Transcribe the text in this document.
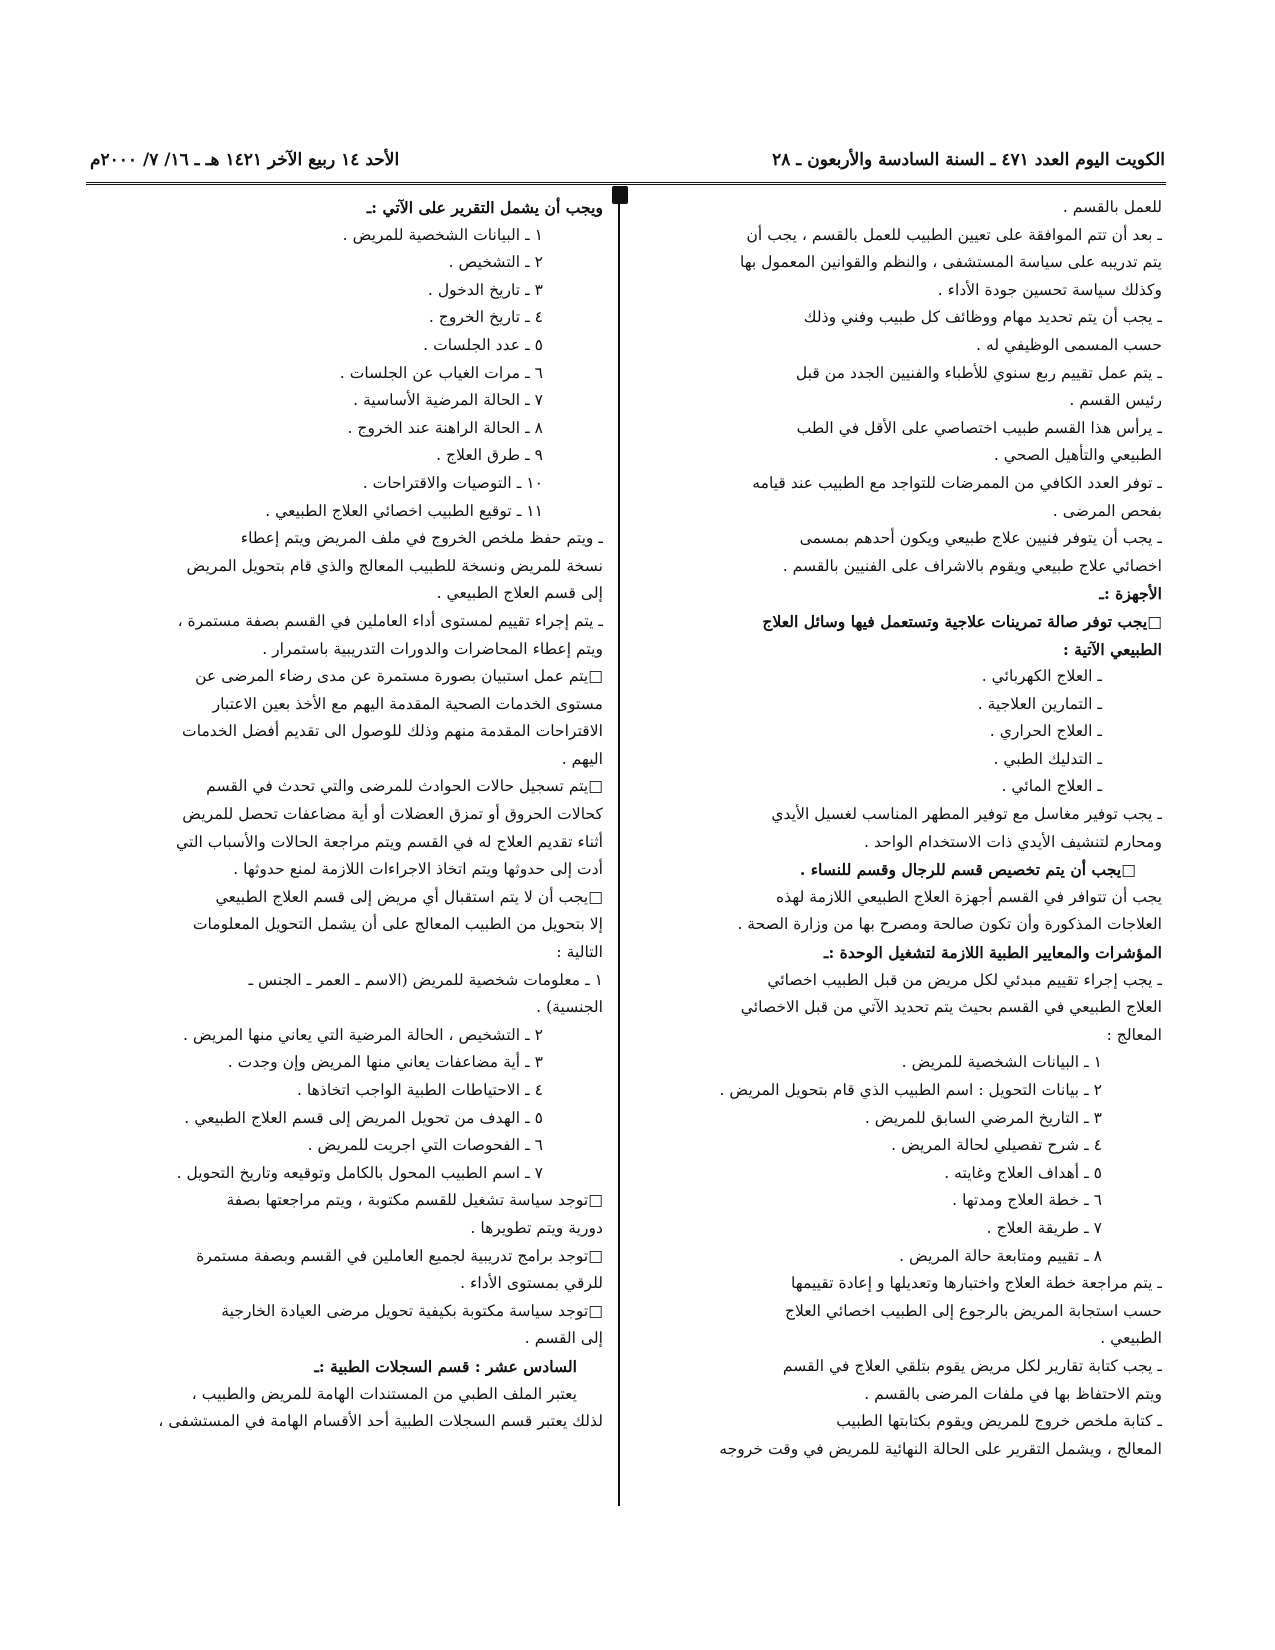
الكويت اليوم العدد ٤٧١ ـ السنة السادسة والأربعون ـ ٢٨
الأحد ١٤ ربيع الآخر ١٤٢١ هـ ـ ١٦/ ٧/ ٢٠٠٠م
للعمل بالقسم .
ـ بعد أن تتم الموافقة على تعيين الطبيب للعمل بالقسم ، يجب أن
يتم تدريبه على سياسة المستشفى ، والنظم والقوانين المعمول بها
وكذلك سياسة تحسين جودة الأداء .
ـ يجب أن يتم تحديد مهام ووظائف كل طبيب وفني وذلك
حسب المسمى الوظيفي له .
ـ يتم عمل تقييم ربع سنوي للأطباء والفنيين الجدد من قبل
رئيس القسم .
ـ يرأس هذا القسم طبيب اختصاصي على الأقل في الطب
الطبيعي والتأهيل الصحي .
ـ توفر العدد الكافي من الممرضات للتواجد مع الطبيب عند قيامه
بفحص المرضى .
ـ يجب أن يتوفر فنيين علاج طبيعي ويكون أحدهم بمسمى
اخصائي علاج طبيعي ويقوم بالاشراف على الفنيين بالقسم .
الأجهزة :ـ
□ يجب توفر صالة تمرينات علاجية وتستعمل فيها وسائل العلاج
الطبيعي الآتية :
ـ العلاج الكهربائي .
ـ التمارين العلاجية .
ـ العلاج الحراري .
ـ التدليك الطبي .
ـ العلاج المائي .
ـ يجب توفير مغاسل مع توفير المطهر المناسب لغسيل الأيدي
ومحارم لتنشيف الأيدي ذات الاستخدام الواحد .
□ يجب أن يتم تخصيص قسم للرجال وقسم للنساء .
يجب أن تتوافر في القسم أجهزة العلاج الطبيعي اللازمة لهذه
العلاجات المذكورة وأن تكون صالحة ومصرح بها من وزارة الصحة .
المؤشرات والمعايير الطبية اللازمة لتشغيل الوحدة :ـ
ـ يجب إجراء تقييم مبدئي لكل مريض من قبل الطبيب اخصائي
العلاج الطبيعي في القسم بحيث يتم تحديد الآتي من قبل الاخصائي
المعالج :
١ ـ البيانات الشخصية للمريض .
٢ ـ بيانات التحويل : اسم الطبيب الذي قام بتحويل المريض .
٣ ـ التاريخ المرضي السابق للمريض .
٤ ـ شرح تفصيلي لحالة المريض .
٥ ـ أهداف العلاج وغايته .
٦ ـ خطة العلاج ومدتها .
٧ ـ طريقة العلاج .
٨ ـ تقييم ومتابعة حالة المريض .
ـ يتم مراجعة خطة العلاج واختبارها وتعديلها و إعادة تقييمها
حسب استجابة المريض بالرجوع إلى الطبيب اخصائي العلاج
الطبيعي .
ـ يجب كتابة تقارير لكل مريض يقوم بتلقي العلاج في القسم
ويتم الاحتفاظ بها في ملفات المرضى بالقسم .
ـ كتابة ملخص خروج للمريض ويقوم بكتابتها الطبيب
المعالج ، ويشمل التقرير على الحالة النهائية للمريض في وقت خروجه
ويجب أن يشمل التقرير على الآتي :ـ
١ ـ البيانات الشخصية للمريض .
٢ ـ التشخيص .
٣ ـ تاريخ الدخول .
٤ ـ تاريخ الخروج .
٥ ـ عدد الجلسات .
٦ ـ مرات الغياب عن الجلسات .
٧ ـ الحالة المرضية الأساسية .
٨ ـ الحالة الراهنة عند الخروج .
٩ ـ طرق العلاج .
١٠ ـ التوصيات والاقتراحات .
١١ ـ توقيع الطبيب اخصائي العلاج الطبيعي .
ـ ويتم حفظ ملخص الخروج في ملف المريض ويتم إعطاء
نسخة للمريض ونسخة للطبيب المعالج والذي قام بتحويل المريض
إلى قسم العلاج الطبيعي .
ـ يتم إجراء تقييم لمستوى أداء العاملين في القسم بصفة مستمرة ،
ويتم إعطاء المحاضرات والدورات التدريبية باستمرار .
□ يتم عمل استبيان بصورة مستمرة عن مدى رضاء المرضى عن
مستوى الخدمات الصحية المقدمة اليهم مع الأخذ بعين الاعتبار
الاقتراحات المقدمة منهم وذلك للوصول الى تقديم أفضل الخدمات
اليهم .
□ يتم تسجيل حالات الحوادث للمرضى والتي تحدث في القسم
كحالات الحروق أو تمزق العضلات أو أية مضاعفات تحصل للمريض
أثناء تقديم العلاج له في القسم ويتم مراجعة الحالات والأسباب التي
أدت إلى حدوثها ويتم اتخاذ الاجراءات اللازمة لمنع حدوثها .
□ يجب أن لا يتم استقبال أي مريض إلى قسم العلاج الطبيعي
إلا بتحويل من الطبيب المعالج على أن يشمل التحويل المعلومات
التالية :
١ ـ معلومات شخصية للمريض (الاسم ـ العمر ـ الجنس ـ
الجنسية) .
٢ ـ التشخيص ، الحالة المرضية التي يعاني منها المريض .
٣ ـ أية مضاعفات يعاني منها المريض وإن وجدت .
٤ ـ الاحتياطات الطبية الواجب اتخاذها .
٥ ـ الهدف من تحويل المريض إلى قسم العلاج الطبيعي .
٦ ـ الفحوصات التي اجريت للمريض .
٧ ـ اسم الطبيب المحول بالكامل وتوقيعه وتاريخ التحويل .
□ توجد سياسة تشغيل للقسم مكتوبة ، ويتم مراجعتها بصفة
دورية ويتم تطويرها .
□ توجد برامج تدريبية لجميع العاملين في القسم وبصفة مستمرة
للرقي بمستوى الأداء .
□ توجد سياسة مكتوبة بكيفية تحويل مرضى العيادة الخارجية
إلى القسم .
السادس عشر : قسم السجلات الطبية :ـ
يعتبر الملف الطبي من المستندات الهامة للمريض والطبيب ،
لذلك يعتبر قسم السجلات الطبية أحد الأقسام الهامة في المستشفى ،
